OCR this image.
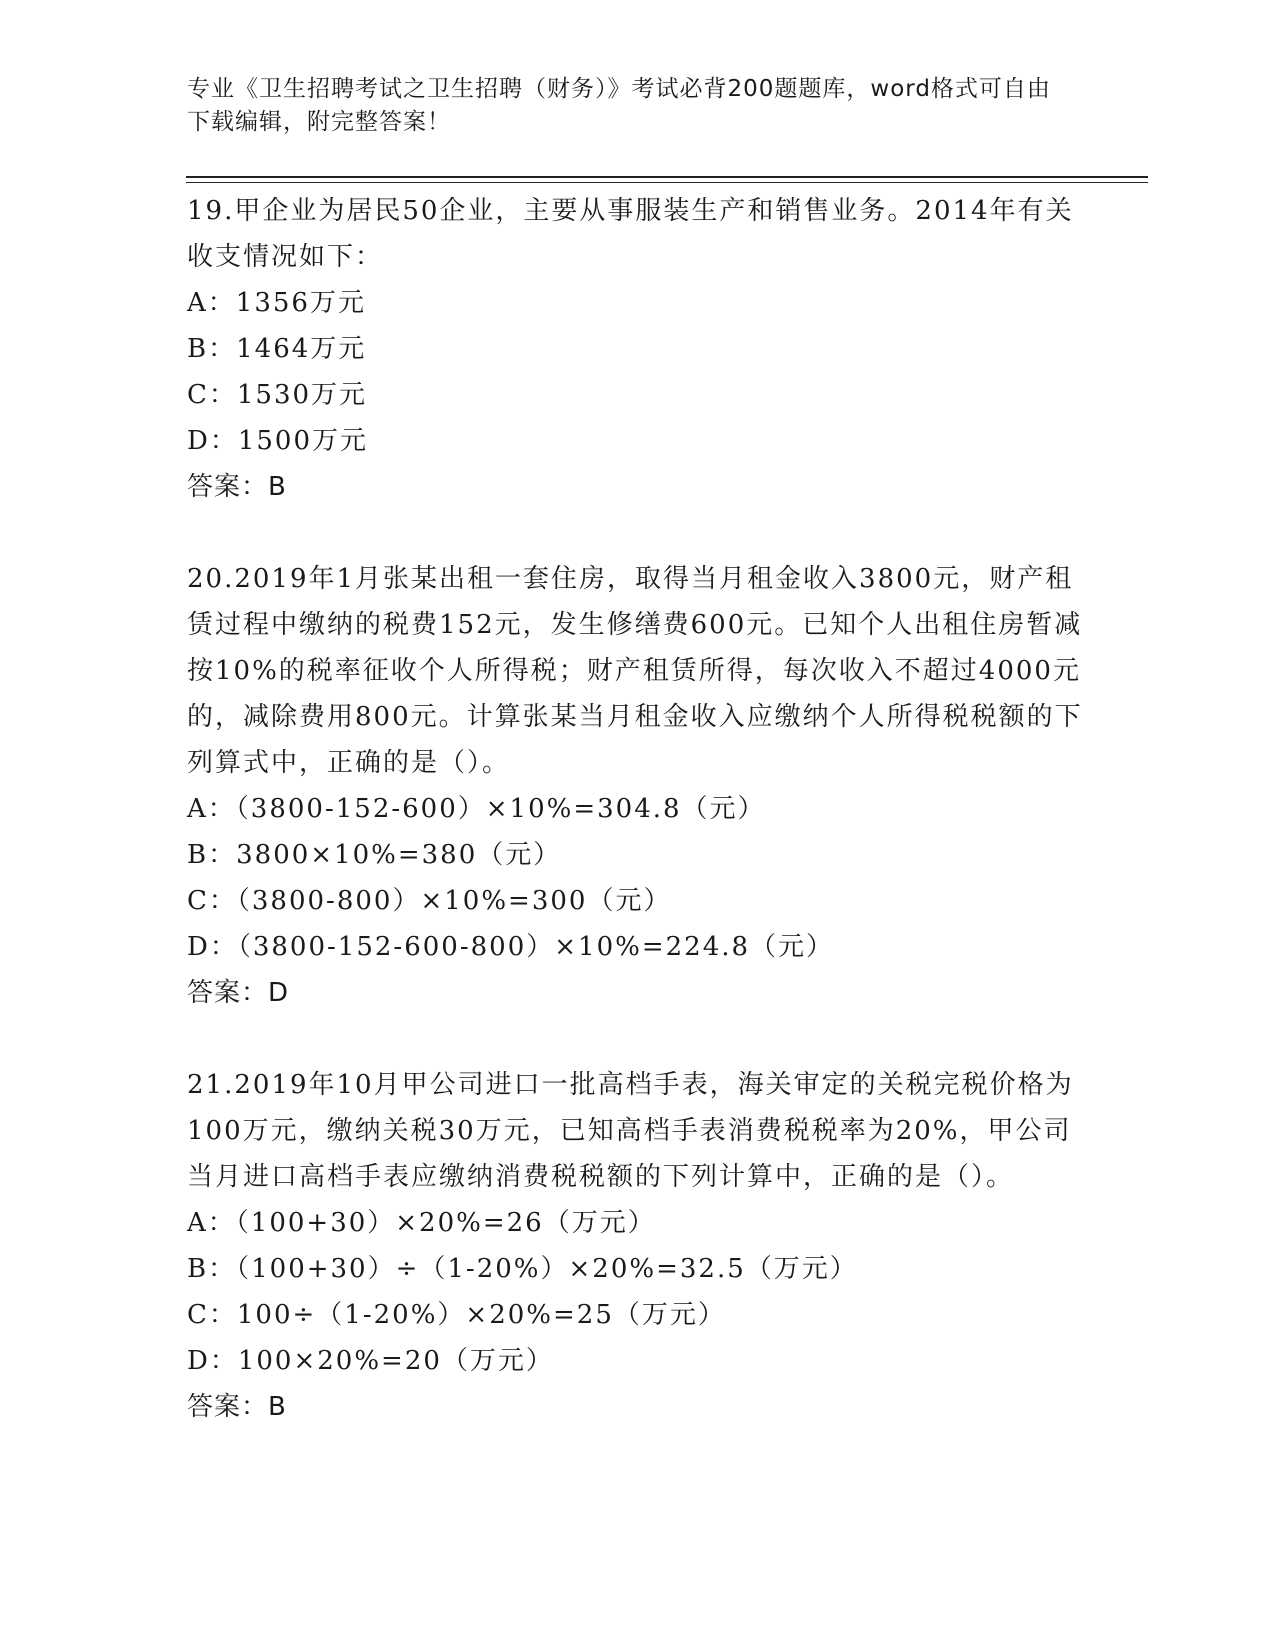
专业《卫生招聘考试之卫生招聘（财务）》考试必背200题题库，word格式可自由下载编辑，附完整答案！

19.甲企业为居民50企业，主要从事服装生产和销售业务。2014年有关收支情况如下：

A：1356万元

B：1464万元

C：1530万元

D：1500万元

答案：B

20.2019年1月张某出租一套住房，取得当月租金收入3800元，财产租赁过程中缴纳的税费152元，发生修缮费600元。已知个人出租住房暂减按10%的税率征收个人所得税；财产租赁所得，每次收入不超过4000元的，减除费用800元。计算张某当月租金收入应缴纳个人所得税税额的下列算式中，正确的是（）。

A：（3800-152-600）×10%=304.8（元）

B：3800×10%=380（元）

C：（3800-800）×10%=300（元）

D：（3800-152-600-800）×10%=224.8（元）

答案：D

21.2019年10月甲公司进口一批高档手表，海关审定的关税完税价格为100万元，缴纳关税30万元，已知高档手表消费税税率为20%，甲公司当月进口高档手表应缴纳消费税税额的下列计算中，正确的是（）。

A：（100+30）×20%=26（万元）

B：（100+30）÷（1-20%）×20%=32.5（万元）

C：100÷（1-20%）×20%=25（万元）

D：100×20%=20（万元）

答案：B
